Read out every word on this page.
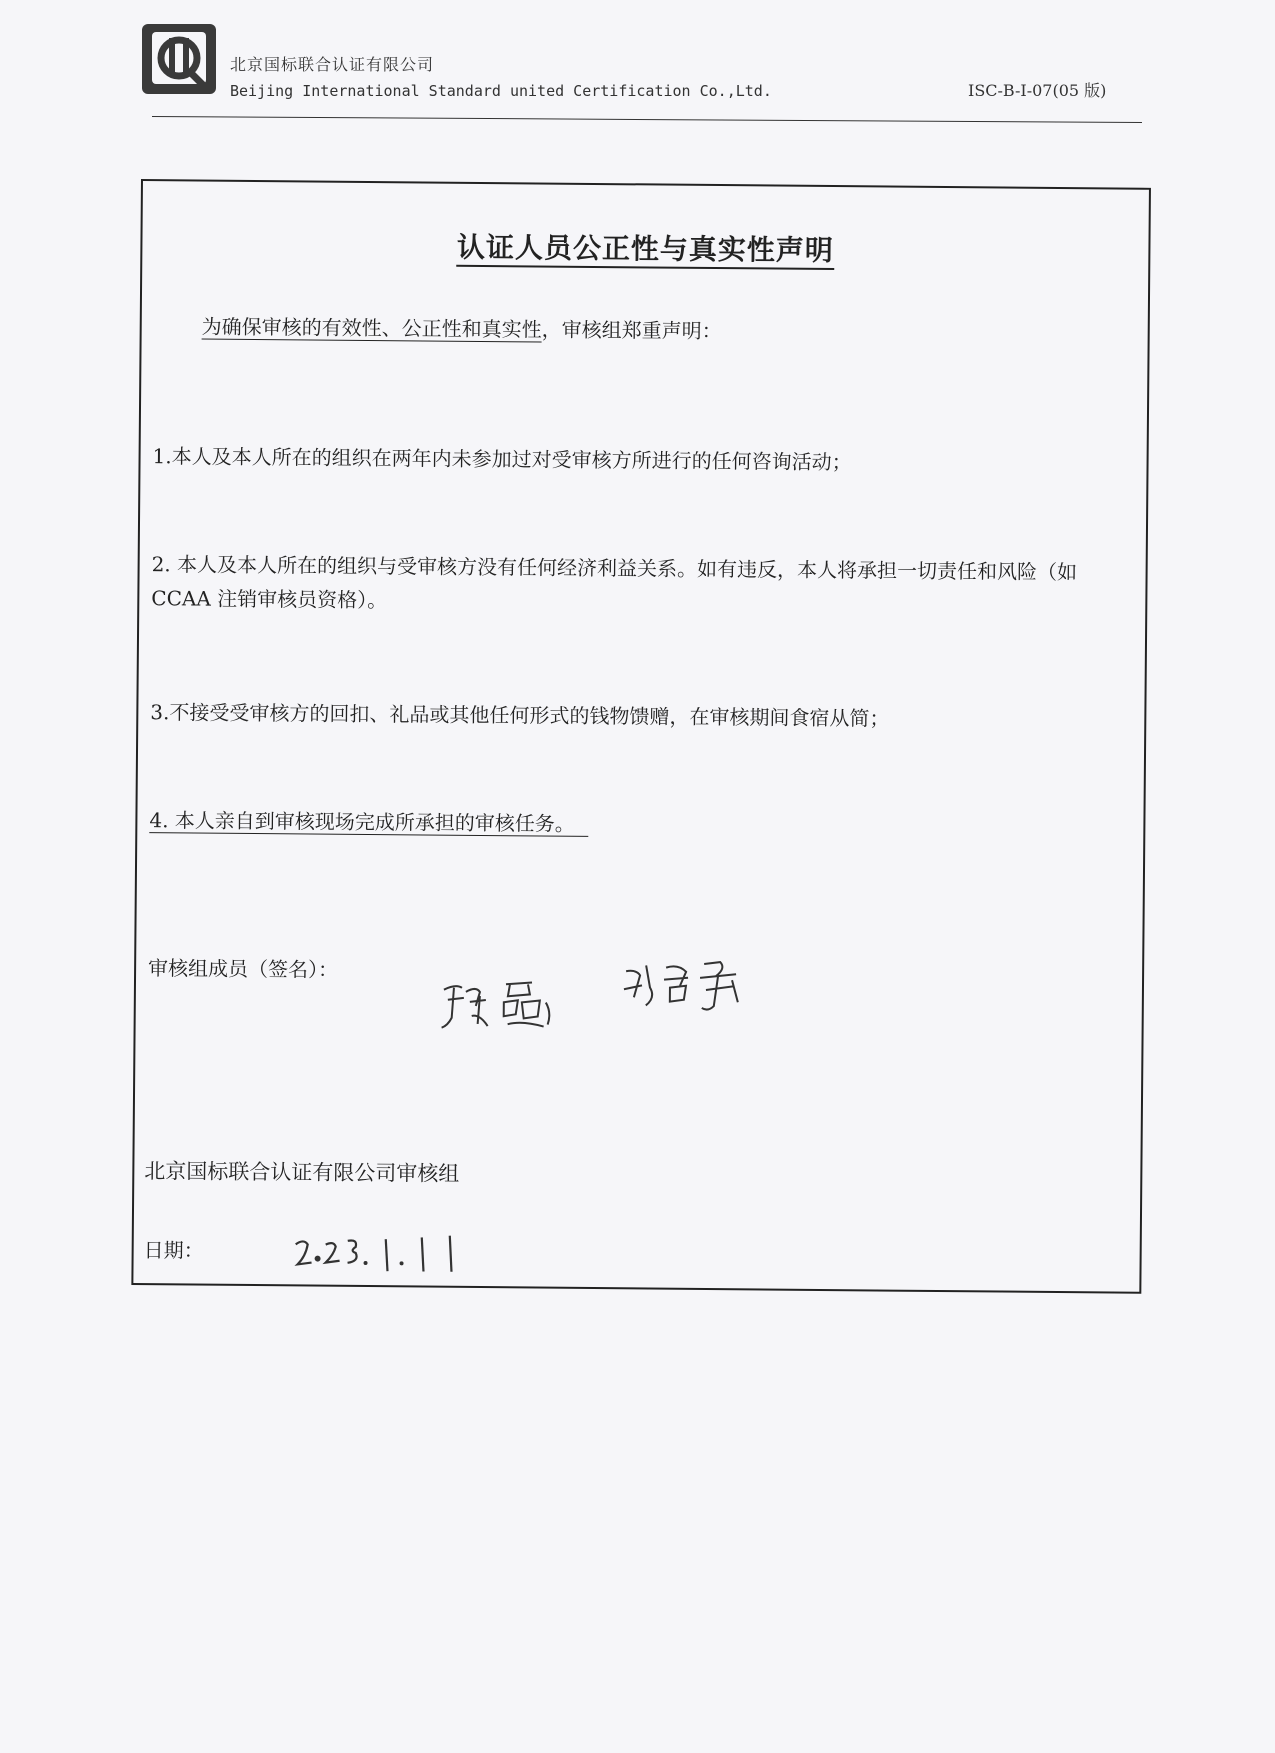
北京国标联合认证有限公司
Beijing International Standard united Certification Co.,Ltd.	ISC-B-I-07(05 版)
认证人员公正性与真实性声明
为确保审核的有效性、公正性和真实性，审核组郑重声明：
1.本人及本人所在的组织在两年内未参加过对受审核方所进行的任何咨询活动；
2. 本人及本人所在的组织与受审核方没有任何经济利益关系。如有违反，本人将承担一切责任和风险（如 CCAA 注销审核员资格）。
3.不接受受审核方的回扣、礼品或其他任何形式的钱物馈赠，在审核期间食宿从简；
4. 本人亲自到审核现场完成所承担的审核任务。
审核组成员（签名）：
北京国标联合认证有限公司审核组
日期：
